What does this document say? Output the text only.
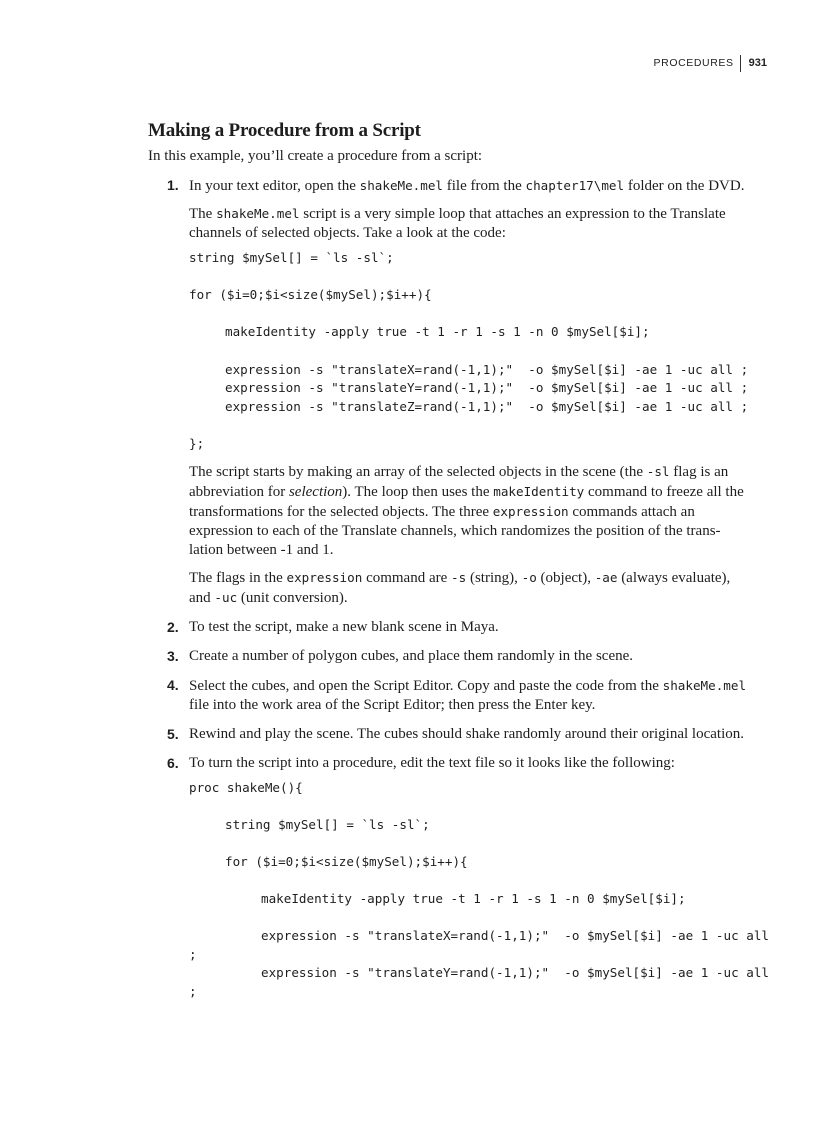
PROCEDURES 931
Making a Procedure from a Script

In this example, you’ll create a procedure from a script:

1. In your text editor, open the shakeMe.mel file from the chapter17\mel folder on the DVD.

The shakeMe.mel script is a very simple loop that attaches an expression to the Translate channels of selected objects. Take a look at the code:

string $mySel[] = `ls -sl`;
for ($i=0;$i<size($mySel);$i++){
makeIdentity -apply true -t 1 -r 1 -s 1 -n 0 $mySel[$i];
expression -s "translateX=rand(-1,1);"  -o $mySel[$i] -ae 1 -uc all ;
expression -s "translateY=rand(-1,1);"  -o $mySel[$i] -ae 1 -uc all ;
expression -s "translateZ=rand(-1,1);"  -o $mySel[$i] -ae 1 -uc all ;
};

The script starts by making an array of the selected objects in the scene (the -sl flag is an abbreviation for selection). The loop then uses the makeIdentity command to freeze all the transformations for the selected objects. The three expression commands attach an expression to each of the Translate channels, which randomizes the position of the trans-lation between -1 and 1.

The flags in the expression command are -s (string), -o (object), -ae (always evaluate), and -uc (unit conversion).

2. To test the script, make a new blank scene in Maya.

3. Create a number of polygon cubes, and place them randomly in the scene.

4. Select the cubes, and open the Script Editor. Copy and paste the code from the shakeMe.mel file into the work area of the Script Editor; then press the Enter key.

5. Rewind and play the scene. The cubes should shake randomly around their original location.

6. To turn the script into a procedure, edit the text file so it looks like the following:

proc shakeMe(){
string $mySel[] = `ls -sl`;
for ($i=0;$i<size($mySel);$i++){
makeIdentity -apply true -t 1 -r 1 -s 1 -n 0 $mySel[$i];
expression -s "translateX=rand(-1,1);"  -o $mySel[$i] -ae 1 -uc all
;
expression -s "translateY=rand(-1,1);"  -o $mySel[$i] -ae 1 -uc all
;
